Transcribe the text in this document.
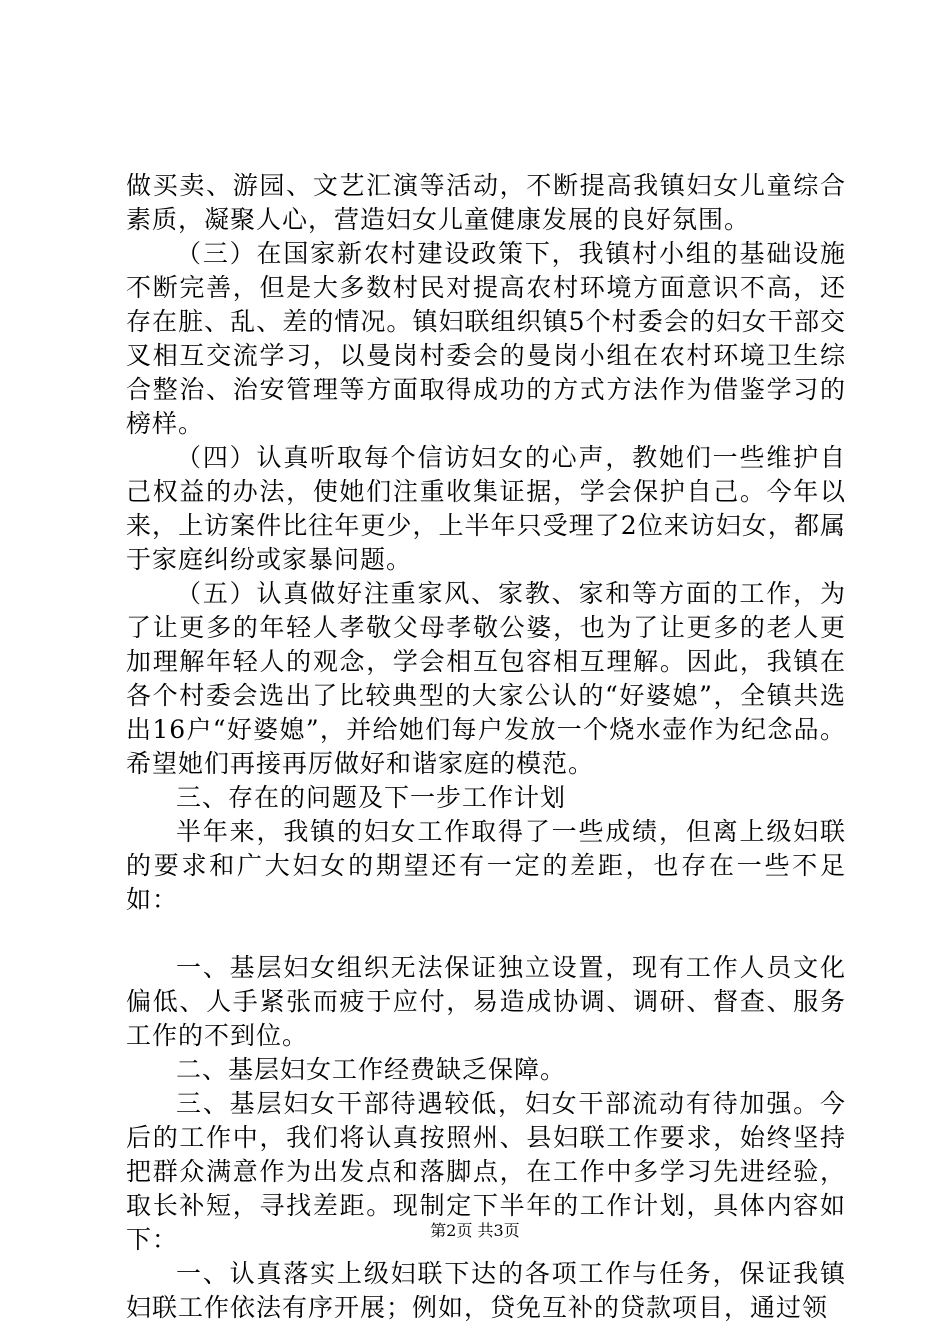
做买卖、游园、文艺汇演等活动，不断提高我镇妇女儿童综合素质，凝聚人心，营造妇女儿童健康发展的良好氛围。

（三）在国家新农村建设政策下，我镇村小组的基础设施不断完善，但是大多数村民对提高农村环境方面意识不高，还存在脏、乱、差的情况。镇妇联组织镇5个村委会的妇女干部交叉相互交流学习，以曼岗村委会的曼岗小组在农村环境卫生综合整治、治安管理等方面取得成功的方式方法作为借鉴学习的榜样。

（四）认真听取每个信访妇女的心声，教她们一些维护自己权益的办法，使她们注重收集证据，学会保护自己。今年以来，上访案件比往年更少，上半年只受理了2位来访妇女，都属于家庭纠纷或家暴问题。

（五）认真做好注重家风、家教、家和等方面的工作，为了让更多的年轻人孝敬父母孝敬公婆，也为了让更多的老人更加理解年轻人的观念，学会相互包容相互理解。因此，我镇在各个村委会选出了比较典型的大家公认的“好婆媳”，全镇共选出16户“好婆媳”，并给她们每户发放一个烧水壶作为纪念品。希望她们再接再厉做好和谐家庭的模范。

三、存在的问题及下一步工作计划

半年来，我镇的妇女工作取得了一些成绩，但离上级妇联的要求和广大妇女的期望还有一定的差距，也存在一些不足如：

一、基层妇女组织无法保证独立设置，现有工作人员文化偏低、人手紧张而疲于应付，易造成协调、调研、督查、服务工作的不到位。

二、基层妇女工作经费缺乏保障。

三、基层妇女干部待遇较低，妇女干部流动有待加强。今后的工作中，我们将认真按照州、县妇联工作要求，始终坚持把群众满意作为出发点和落脚点，在工作中多学习先进经验，取长补短，寻找差距。现制定下半年的工作计划，具体内容如下：

一、认真落实上级妇联下达的各项工作与任务，保证我镇妇联工作依法有序开展；例如，贷免互补的贷款项目，通过领

第2页 共3页
